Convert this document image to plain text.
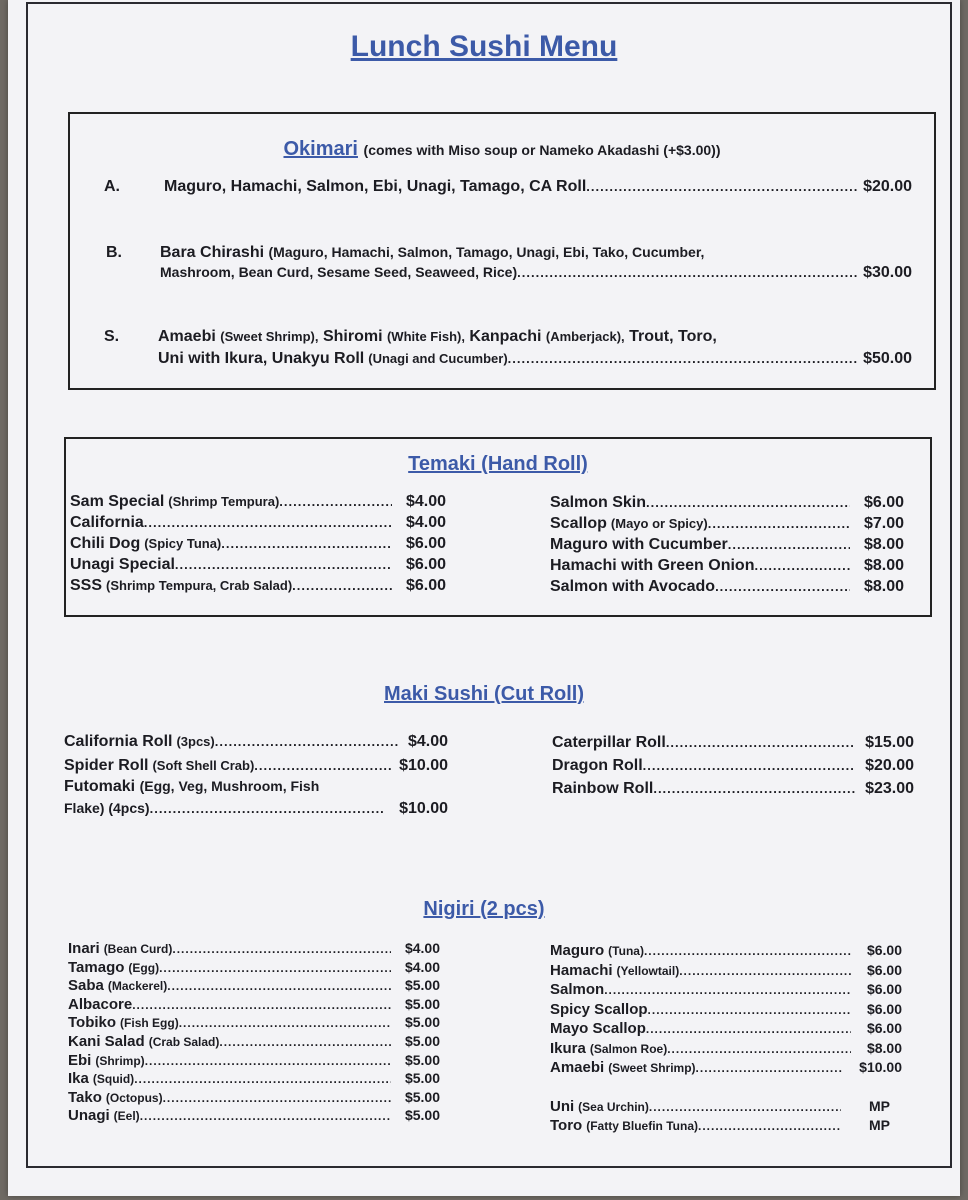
Lunch Sushi Menu
Okimari (comes with Miso soup or Nameko Akadashi (+$3.00))
A.	Maguro, Hamachi, Salmon, Ebi, Unagi, Tamago, CA Roll .....	$20.00
B. Bara Chirashi (Maguro, Hamachi, Salmon, Tamago, Unagi, Ebi, Tako, Cucumber,
Mashroom, Bean Curd, Sesame Seed, Seaweed, Rice) .....	$30.00
S. Amaebi (Sweet Shrimp), Shiromi (White Fish), Kanpachi (Amberjack), Trout, Toro,
Uni with Ikura, Unakyu Roll (Unagi and Cucumber) .....	$50.00
Temaki (Hand Roll)
Sam Special (Shrimp Tempura) .....	$4.00
California .....	$4.00
Chili Dog (Spicy Tuna) .....	$6.00
Unagi Special .....	$6.00
SSS (Shrimp Tempura, Crab Salad) .....	$6.00
Salmon Skin .....	$6.00
Scallop (Mayo or Spicy) .....	$7.00
Maguro with Cucumber .....	$8.00
Hamachi with Green Onion .....	$8.00
Salmon with Avocado .....	$8.00
Maki Sushi (Cut Roll)
California Roll (3pcs) .....	$4.00
Spider Roll (Soft Shell Crab) .....	$10.00
Futomaki (Egg, Veg, Mushroom, Fish
Flake) (4pcs) .....	$10.00
Caterpillar Roll .....	$15.00
Dragon Roll .....	$20.00
Rainbow Roll .....	$23.00
Nigiri (2 pcs)
Inari (Bean Curd) .....	$4.00
Tamago (Egg) .....	$4.00
Saba (Mackerel) .....	$5.00
Albacore .....	$5.00
Tobiko (Fish Egg) .....	$5.00
Kani Salad (Crab Salad) .....	$5.00
Ebi (Shrimp) .....	$5.00
Ika (Squid) .....	$5.00
Tako (Octopus) .....	$5.00
Unagi (Eel) .....	$5.00
Maguro (Tuna) .....	$6.00
Hamachi (Yellowtail) .....	$6.00
Salmon .....	$6.00
Spicy Scallop .....	$6.00
Mayo Scallop .....	$6.00
Ikura (Salmon Roe) .....	$8.00
Amaebi (Sweet Shrimp) .....	$10.00
Uni (Sea Urchin) .....	MP
Toro (Fatty Bluefin Tuna) .....	MP
